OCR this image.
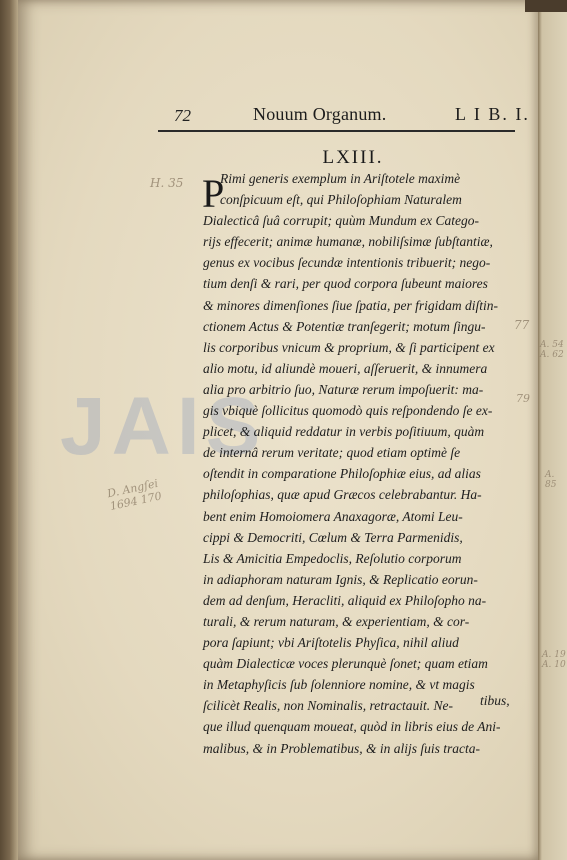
JAIS
72	Nouum Organum.	L I B. I.
LXIII.
P
Rimi generis exemplum in Ariſtotele maximè
conſpicuum eſt, qui Philoſophiam Naturalem
Dialecticâ ſuâ corrupit; quùm Mundum ex Catego-
rijs effecerit; animæ humanæ, nobiliſsimæ ſubſtantiæ,
genus ex vocibus ſecundæ intentionis tribuerit; nego-
tium denſi & rari, per quod corpora ſubeunt maiores
& minores dimenſiones ſiue ſpatia, per frigidam diſtin-
ctionem Actus & Potentiæ tranſegerit; motum ſingu-
lis corporibus vnicum & proprium, & ſi participent ex
alio motu, id aliundè moueri, aſſeruerit, & innumera
alia pro arbitrio ſuo, Naturæ rerum impoſuerit: ma-
gis vbiquè ſollicitus quomodò quis reſpondendo ſe ex-
plicet, & aliquid reddatur in verbis poſitiuum, quàm
de internâ rerum veritate; quod etiam optimè ſe
oſtendit in comparatione Philoſophiæ eius, ad alias
philoſophias, quæ apud Græcos celebrabantur. Ha-
bent enim Homoiomera Anaxagoræ, Atomi Leu-
cippi & Democriti, Cœlum & Terra Parmenidis,
Lis & Amicitia Empedoclis, Reſolutio corporum
in adiaphoram naturam Ignis, & Replicatio eorun-
dem ad denſum, Heracliti, aliquid ex Philoſopho na-
turali, & rerum naturam, & experientiam, & cor-
pora ſapiunt; vbi Ariſtotelis Phyſica, nihil aliud
quàm Dialecticæ voces plerunquè ſonet; quam etiam
in Metaphyſicis ſub ſolenniore nomine, & vt magis
ſcilicèt Realis, non Nominalis, retractauit. Ne-
que illud quenquam moueat, quòd in libris eius de Ani-
malibus, & in Problematibus, & in alijs ſuis tracta-
tibus,
H. 35
D. Angſei 1694 170
77
79
A. 54 A. 62
A. 85
A. 19 A. 10
